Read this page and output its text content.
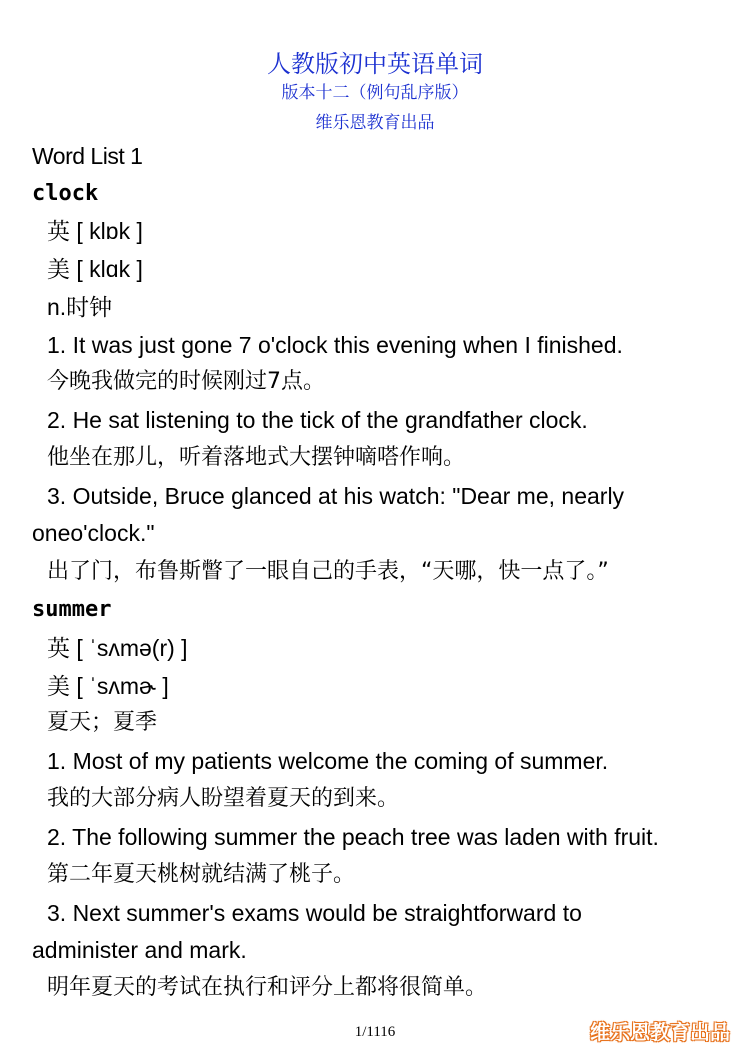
人教版初中英语单词
版本十二（例句乱序版）
维乐恩教育出品
Word List 1
clock
英 [ klɒk ]
美 [ klɑk ]
n.时钟
1. It was just gone 7 o'clock this evening when I finished.
今晚我做完的时候刚过7点。
2. He sat listening to the tick of the grandfather clock.
他坐在那儿，听着落地式大摆钟嘀嗒作响。
3. Outside, Bruce glanced at his watch: "Dear me, nearly
oneo'clock."
出了门，布鲁斯瞥了一眼自己的手表，“天哪，快一点了。”
summer
英 [ ˈsʌmə(r) ]
美 [ ˈsʌmɚ ]
夏天；夏季
1. Most of my patients welcome the coming of summer.
我的大部分病人盼望着夏天的到来。
2. The following summer the peach tree was laden with fruit.
第二年夏天桃树就结满了桃子。
3. Next summer's exams would be straightforward to
administer and mark.
明年夏天的考试在执行和评分上都将很简单。
1/1116	维乐恩教育出品
